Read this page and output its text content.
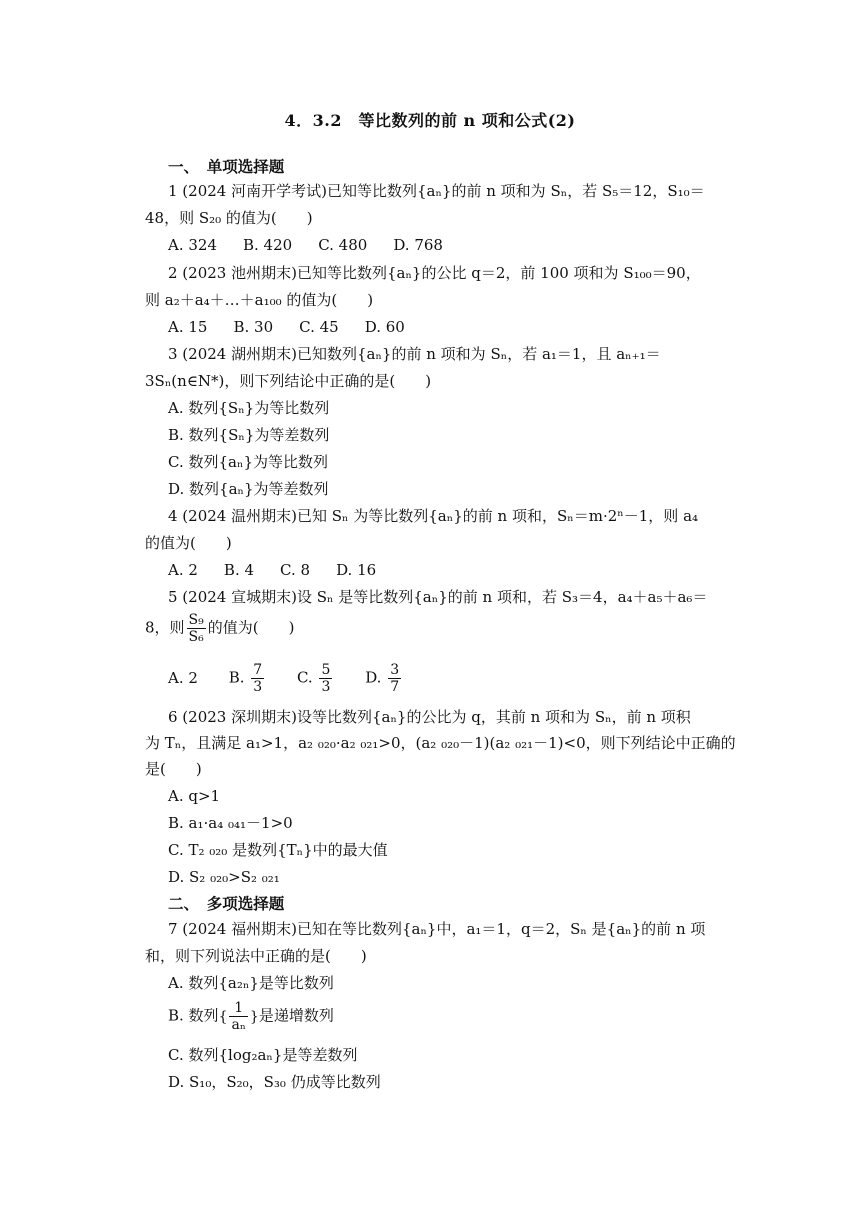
4．3.2　等比数列的前 n 项和公式(2)
一、　单项选择题
1 (2024 河南开学考试)已知等比数列{aₙ}的前 n 项和为 Sₙ，若 S₅＝12，S₁₀＝
48，则 S₂₀ 的值为(　　)
A. 324 B. 420 C. 480 D. 768
2 (2023 池州期末)已知等比数列{aₙ}的公比 q＝2，前 100 项和为 S₁₀₀＝90，
则 a₂＋a₄＋…＋a₁₀₀ 的值为(　　)
A. 15 B. 30 C. 45 D. 60
3 (2024 湖州期末)已知数列{aₙ}的前 n 项和为 Sₙ，若 a₁＝1，且 aₙ₊₁＝
3Sₙ(n∈N*)，则下列结论中正确的是(　　)
A. 数列{Sₙ}为等比数列
B. 数列{Sₙ}为等差数列
C. 数列{aₙ}为等比数列
D. 数列{aₙ}为等差数列
4 (2024 温州期末)已知 Sₙ 为等比数列{aₙ}的前 n 项和，Sₙ＝m·2ⁿ－1，则 a₄
的值为(　　)
A. 2 B. 4 C. 8 D. 16
5 (2024 宣城期末)设 Sₙ 是等比数列{aₙ}的前 n 项和，若 S₃＝4，a₄＋a₅＋a₆＝
8，则 $\frac{\text{S₉}}{\text{S₆}}$ 的值为(　　)
A. 2 B. $\frac{7}{3} C$. $\frac{5}{3} D$. $\frac{3}{7}$
6 (2023 深圳期末)设等比数列{aₙ}的公比为 q，其前 n 项和为 Sₙ，前 n 项积
为 Tₙ，且满足 a₁>1，a₂ ₀₂₀·a₂ ₀₂₁>0，(a₂ ₀₂₀－1)(a₂ ₀₂₁－1)<0，则下列结论中正确的
是(　　)
A. q>1
B. a₁·a₄ ₀₄₁－1>0
C. T₂ ₀₂₀ 是数列{Tₙ}中的最大值
D. S₂ ₀₂₀>S₂ ₀₂₁
二、　多项选择题
7 (2024 福州期末)已知在等比数列{aₙ}中，a₁＝1，q＝2，Sₙ 是{aₙ}的前 n 项
和，则下列说法中正确的是(　　)
A. 数列{a₂ₙ}是等比数列
B. 数列{ $\frac{1}{\text{aₙ}}$ }是递增数列
C. 数列{log₂aₙ}是等差数列
D. S₁₀，S₂₀，S₃₀ 仍成等比数列
